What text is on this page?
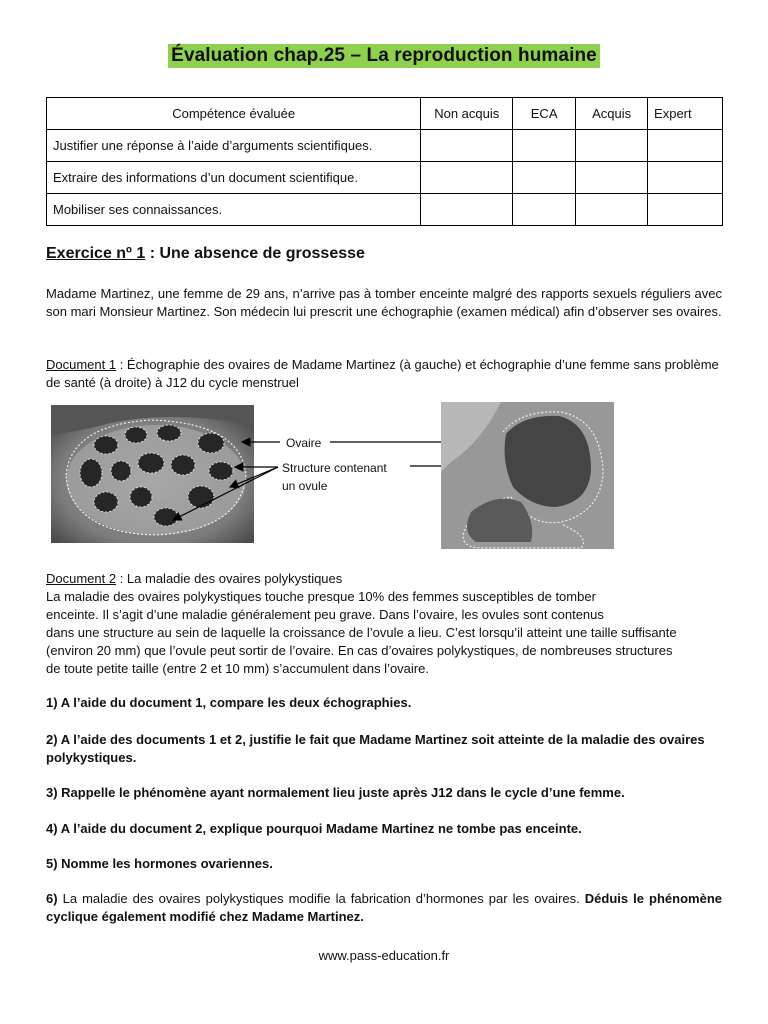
Évaluation chap.25 – La reproduction humaine
Compétence évaluée	Non acquis	ECA	Acquis	Expert
Justifier une réponse à l’aide d’arguments scientifiques.				
Extraire des informations d’un document scientifique.				
Mobiliser ses connaissances.				
Exercice nº 1 : Une absence de grossesse
Madame Martinez, une femme de 29 ans, n’arrive pas à tomber enceinte malgré des rapports sexuels réguliers avec son mari Monsieur Martinez. Son médecin lui prescrit une échographie (examen médical) afin d’observer ses ovaires.
Document 1 : Échographie des ovaires de Madame Martinez (à gauche) et échographie d’une femme sans problème de santé (à droite) à J12 du cycle menstruel
Ovaire
Structure contenant
un ovule
Document 2 : La maladie des ovaires polykystiques
La maladie des ovaires polykystiques touche presque 10% des femmes susceptibles de tomber
enceinte. Il s’agit d’une maladie généralement peu grave. Dans l’ovaire, les ovules sont contenus
dans une structure au sein de laquelle la croissance de l’ovule a lieu. C’est lorsqu’il atteint une taille suffisante
(environ 20 mm) que l’ovule peut sortir de l’ovaire. En cas d’ovaires polykystiques, de nombreuses structures
de toute petite taille (entre 2 et 10 mm) s’accumulent dans l’ovaire.
1) A l’aide du document 1, compare les deux échographies.
2) A l’aide des documents 1 et 2, justifie le fait que Madame Martinez soit atteinte de la maladie des ovaires polykystiques.
3) Rappelle le phénomène ayant normalement lieu juste après J12 dans le cycle d’une femme.
4) A l’aide du document 2, explique pourquoi Madame Martinez ne tombe pas enceinte.
5) Nomme les hormones ovariennes.
6) La maladie des ovaires polykystiques modifie la fabrication d’hormones par les ovaires. Déduis le phénomène cyclique également modifié chez Madame Martinez.
www.pass-education.fr
